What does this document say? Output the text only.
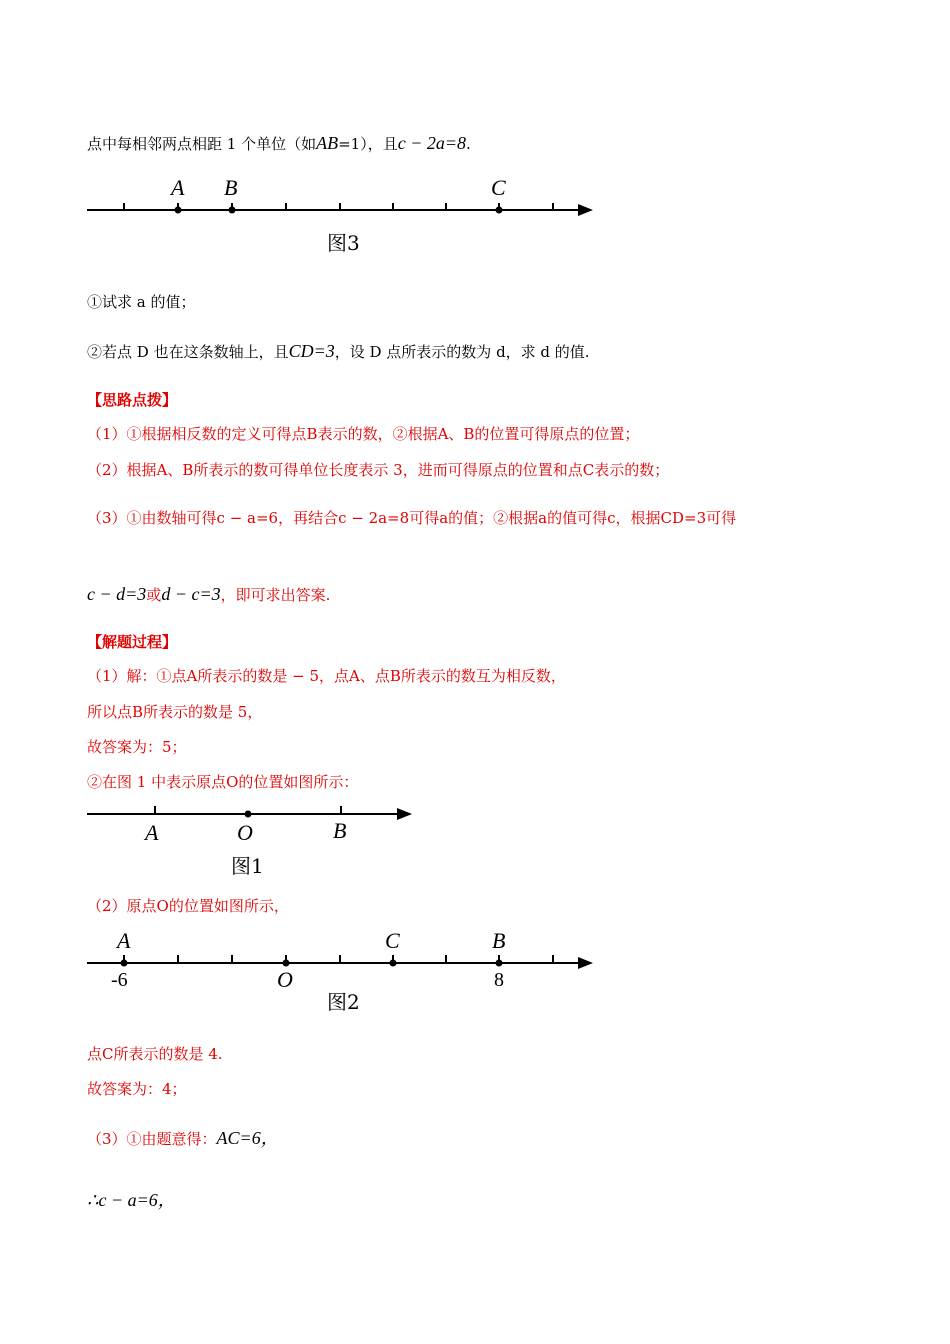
点中每相邻两点相距 1 个单位（如AB=1），且c − 2a=8.
A B	C
图3
①试求 a 的值；
②若点 D 也在这条数轴上，且CD=3，设 D 点所表示的数为 d，求 d 的值.
【思路点拨】
（1）①根据相反数的定义可得点B表示的数，②根据A、B的位置可得原点的位置；
（2）根据A、B所表示的数可得单位长度表示 3，进而可得原点的位置和点C表示的数；
（3）①由数轴可得c − a=6，再结合c − 2a=8可得a的值；②根据a的值可得c，根据CD=3可得
c − d=3或d − c=3，即可求出答案.
【解题过程】
（1）解：①点A所表示的数是 − 5，点A、点B所表示的数互为相反数，
所以点B所表示的数是 5，
故答案为：5；
②在图 1 中表示原点O的位置如图所示：
A	O	B
图1
（2）原点O的位置如图所示，
A	C	B
O
-6	8
图2
点C所表示的数是 4.
故答案为：4；
（3）①由题意得：AC=6，
∴c − a=6，
